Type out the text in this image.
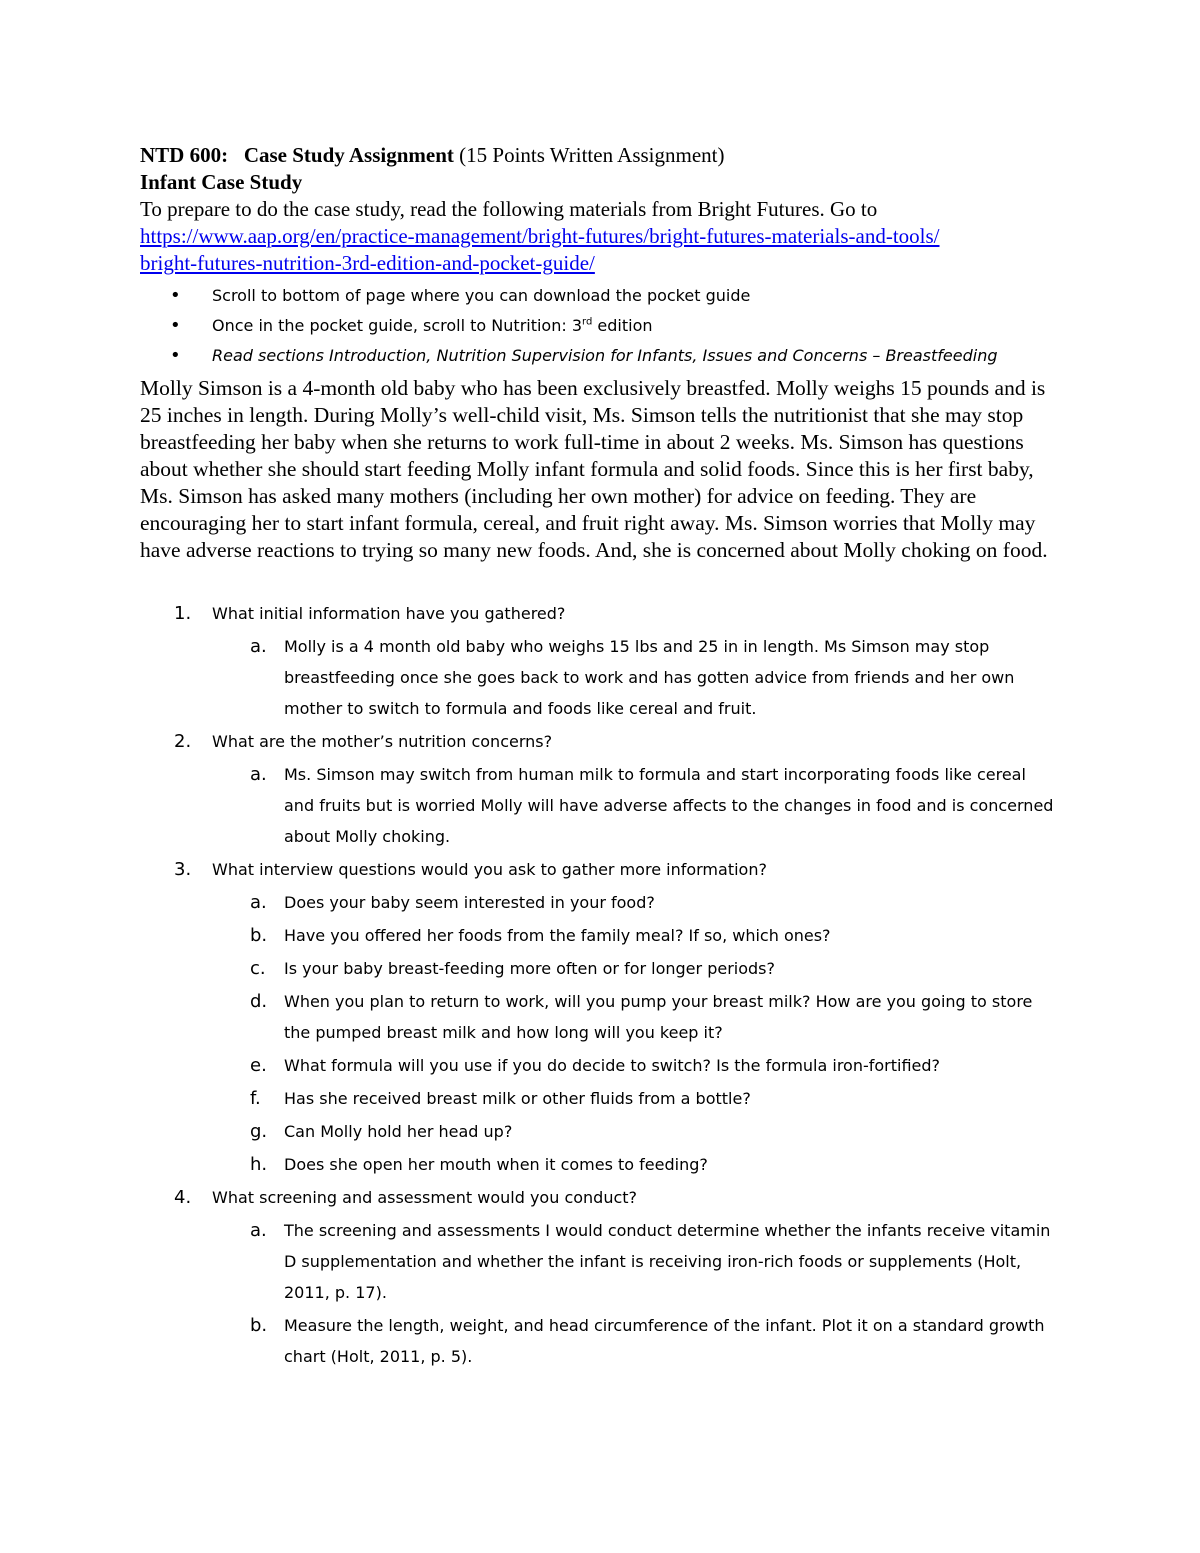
NTD 600: Case Study Assignment (15 Points Written Assignment)

Infant Case Study

To prepare to do the case study, read the following materials from Bright Futures. Go to
https://www.aap.org/en/practice-management/bright-futures/bright-futures-materials-and-tools/
bright-futures-nutrition-3rd-edition-and-pocket-guide/

• Scroll to bottom of page where you can download the pocket guide
• Once in the pocket guide, scroll to Nutrition: 3rd edition
• Read sections Introduction, Nutrition Supervision for Infants, Issues and Concerns – Breastfeeding

Molly Simson is a 4-month old baby who has been exclusively breastfed. Molly weighs 15 pounds and is 25 inches in length. During Molly’s well-child visit, Ms. Simson tells the nutritionist that she may stop breastfeeding her baby when she returns to work full-time in about 2 weeks. Ms. Simson has questions about whether she should start feeding Molly infant formula and solid foods. Since this is her first baby, Ms. Simson has asked many mothers (including her own mother) for advice on feeding. They are encouraging her to start infant formula, cereal, and fruit right away. Ms. Simson worries that Molly may have adverse reactions to trying so many new foods. And, she is concerned about Molly choking on food.

1. What initial information have you gathered?
a. Molly is a 4 month old baby who weighs 15 lbs and 25 in in length. Ms Simson may stop breastfeeding once she goes back to work and has gotten advice from friends and her own mother to switch to formula and foods like cereal and fruit.
2. What are the mother’s nutrition concerns?
a. Ms. Simson may switch from human milk to formula and start incorporating foods like cereal and fruits but is worried Molly will have adverse affects to the changes in food and is concerned about Molly choking.
3. What interview questions would you ask to gather more information?
a. Does your baby seem interested in your food?
b. Have you offered her foods from the family meal? If so, which ones?
c. Is your baby breast-feeding more often or for longer periods?
d. When you plan to return to work, will you pump your breast milk? How are you going to store the pumped breast milk and how long will you keep it?
e. What formula will you use if you do decide to switch? Is the formula iron-fortified?
f. Has she received breast milk or other fluids from a bottle?
g. Can Molly hold her head up?
h. Does she open her mouth when it comes to feeding?
4. What screening and assessment would you conduct?
a. The screening and assessments I would conduct determine whether the infants receive vitamin D supplementation and whether the infant is receiving iron-rich foods or supplements (Holt, 2011, p. 17).
b. Measure the length, weight, and head circumference of the infant. Plot it on a standard growth chart (Holt, 2011, p. 5).
